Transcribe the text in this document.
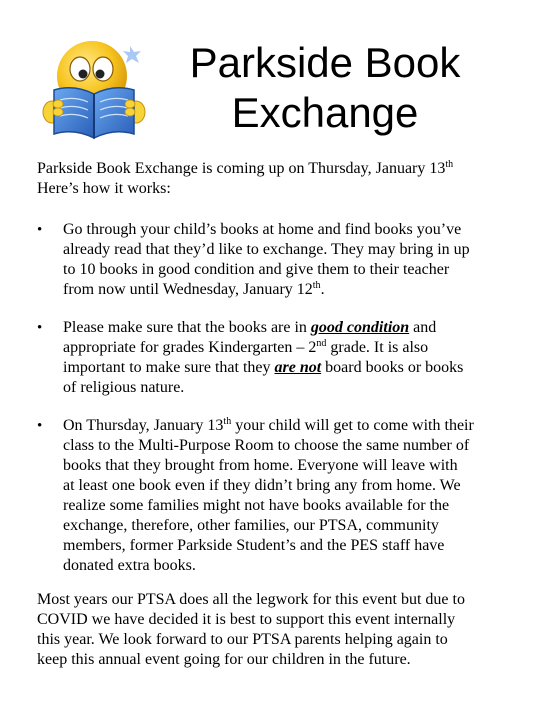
Parkside Book
Exchange
Parkside Book Exchange is coming up on Thursday, January 13th
Here’s how it works:
• Go through your child’s books at home and find books you’ve
already read that they’d like to exchange. They may bring in up
to 10 books in good condition and give them to their teacher
from now until Wednesday, January 12th.
• Please make sure that the books are in good condition and
appropriate for grades Kindergarten – 2nd grade. It is also
important to make sure that they are not board books or books
of religious nature.
• On Thursday, January 13th your child will get to come with their
class to the Multi-Purpose Room to choose the same number of
books that they brought from home. Everyone will leave with
at least one book even if they didn’t bring any from home. We
realize some families might not have books available for the
exchange, therefore, other families, our PTSA, community
members, former Parkside Student’s and the PES staff have
donated extra books.
Most years our PTSA does all the legwork for this event but due to
COVID we have decided it is best to support this event internally
this year. We look forward to our PTSA parents helping again to
keep this annual event going for our children in the future.
